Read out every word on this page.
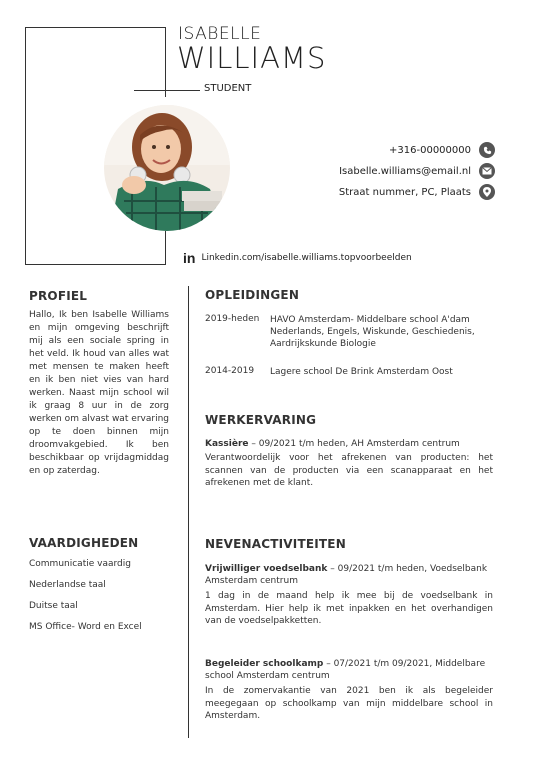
ISABELLE
WILLIAMS
STUDENT
+316-00000000
Isabelle.williams@email.nl
Straat nummer, PC, Plaats
in Linkedin.com/isabelle.williams.topvoorbeelden
PROFIEL
Hallo, Ik ben Isabelle Williams en mijn omgeving beschrijft mij als een sociale spring in het veld. Ik houd van alles wat met mensen te maken heeft en ik ben niet vies van hard werken. Naast mijn school wil ik graag 8 uur in de zorg werken om alvast wat ervaring op te doen binnen mijn droomvakgebied. Ik ben beschikbaar op vrijdagmiddag en op zaterdag.
VAARDIGHEDEN
Communicatie vaardig
Nederlandse taal
Duitse taal
MS Office- Word en Excel
OPLEIDINGEN
2019-heden HAVO Amsterdam- Middelbare school A'dam Nederlands, Engels, Wiskunde, Geschiedenis, Aardrijkskunde Biologie
2014-2019 Lagere school De Brink Amsterdam Oost
WERKERVARING
Kassière – 09/2021 t/m heden, AH Amsterdam centrum
Verantwoordelijk voor het afrekenen van producten: het scannen van de producten via een scanapparaat en het afrekenen met de klant.
NEVENACTIVITEITEN
Vrijwilliger voedselbank – 09/2021 t/m heden, Voedselbank Amsterdam centrum
1 dag in de maand help ik mee bij de voedselbank in Amsterdam. Hier help ik met inpakken en het overhandigen van de voedselpakketten.
Begeleider schoolkamp – 07/2021 t/m 09/2021, Middelbare school Amsterdam centrum
In de zomervakantie van 2021 ben ik als begeleider meegegaan op schoolkamp van mijn middelbare school in Amsterdam.
